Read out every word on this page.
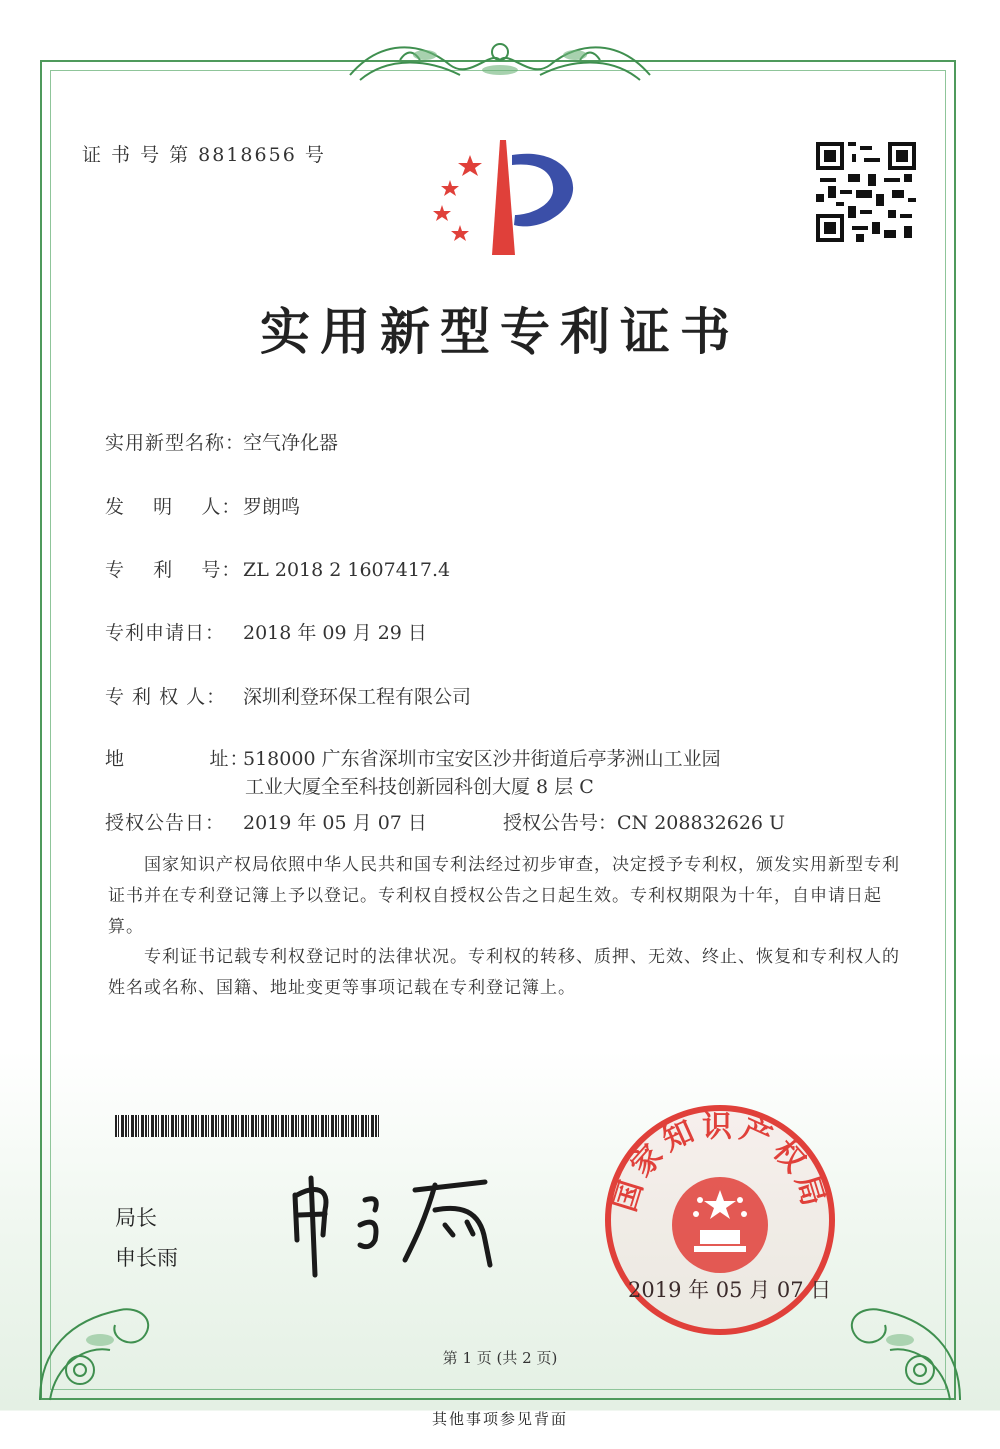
证 书 号 第 8818656 号
实用新型专利证书
实用新型名称：空气净化器
发    明    人：罗朗鸣
专    利    号：ZL 2018 2 1607417.4
专利申请日： 2018 年 09 月 29 日
专 利 权 人： 深圳利登环保工程有限公司
地            址：518000 广东省深圳市宝安区沙井街道后亭茅洲山工业园
工业大厦全至科技创新园科创大厦 8 层 C
授权公告日： 2019 年 05 月 07 日	授权公告号：CN 208832626 U
国家知识产权局依照中华人民共和国专利法经过初步审查，决定授予专利权，颁发实用新型专利证书并在专利登记簿上予以登记。专利权自授权公告之日起生效。专利权期限为十年，自申请日起算。
专利证书记载专利权登记时的法律状况。专利权的转移、质押、无效、终止、恢复和专利权人的姓名或名称、国籍、地址变更等事项记载在专利登记簿上。
局长
申长雨
国家知识产权局
2019 年 05 月 07 日
第 1 页 (共 2 页)
其他事项参见背面
